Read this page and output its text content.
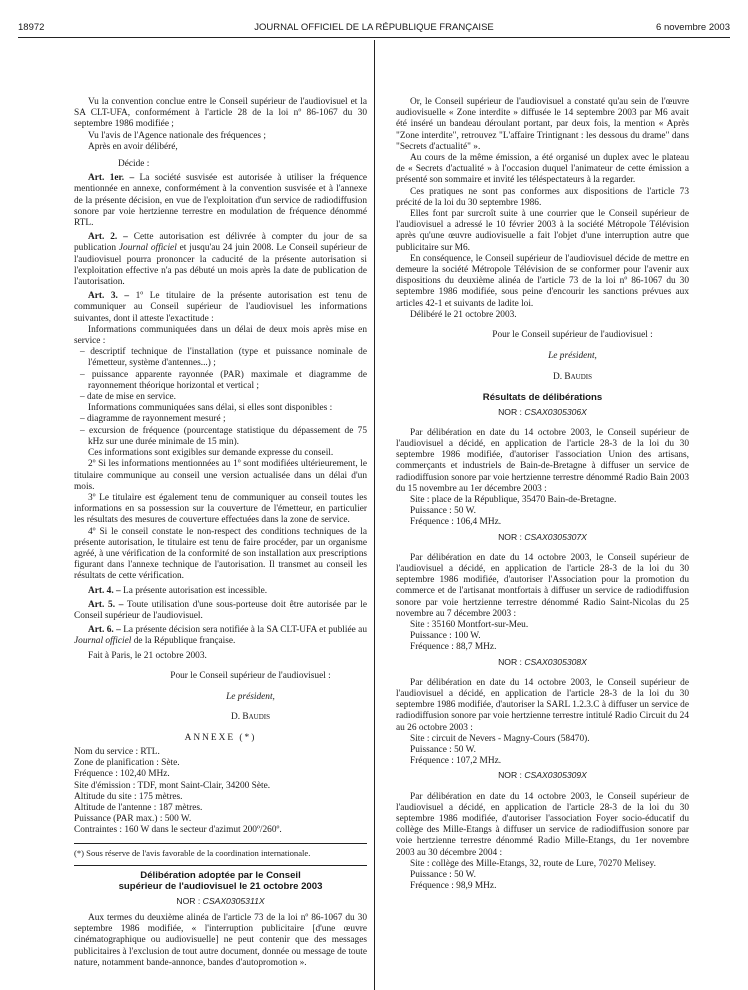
18972	JOURNAL OFFICIEL DE LA RÉPUBLIQUE FRANÇAISE	6 novembre 2003

Vu la convention conclue entre le Conseil supérieur de l'audiovisuel et la SA CLT-UFA, conformément à l'article 28 de la loi nº 86-1067 du 30 septembre 1986 modifiée ;

Vu l'avis de l'Agence nationale des fréquences ;

Après en avoir délibéré,

Décide :

Art. 1er. – La société susvisée est autorisée à utiliser la fréquence mentionnée en annexe, conformément à la convention susvisée et à l'annexe de la présente décision, en vue de l'exploitation d'un service de radiodiffusion sonore par voie hertzienne terrestre en modulation de fréquence dénommé RTL.

Art. 2. – Cette autorisation est délivrée à compter du jour de sa publication Journal officiel et jusqu'au 24 juin 2008. Le Conseil supérieur de l'audiovisuel pourra prononcer la caducité de la présente autorisation si l'exploitation effective n'a pas débuté un mois après la date de publication de l'autorisation.

Art. 3. – 1º Le titulaire de la présente autorisation est tenu de communiquer au Conseil supérieur de l'audiovisuel les informations suivantes, dont il atteste l'exactitude :

Informations communiquées dans un délai de deux mois après mise en service :

– descriptif technique de l'installation (type et puissance nominale de l'émetteur, système d'antennes...) ;

– puissance apparente rayonnée (PAR) maximale et diagramme de rayonnement théorique horizontal et vertical ;

– date de mise en service.

Informations communiquées sans délai, si elles sont disponibles :

– diagramme de rayonnement mesuré ;

– excursion de fréquence (pourcentage statistique du dépassement de 75 kHz sur une durée minimale de 15 min).

Ces informations sont exigibles sur demande expresse du conseil.

2º Si les informations mentionnées au 1º sont modifiées ultérieurement, le titulaire communique au conseil une version actualisée dans un délai d'un mois.

3º Le titulaire est également tenu de communiquer au conseil toutes les informations en sa possession sur la couverture de l'émetteur, en particulier les résultats des mesures de couverture effectuées dans la zone de service.

4º Si le conseil constate le non-respect des conditions techniques de la présente autorisation, le titulaire est tenu de faire procéder, par un organisme agréé, à une vérification de la conformité de son installation aux prescriptions figurant dans l'annexe technique de l'autorisation. Il transmet au conseil les résultats de cette vérification.

Art. 4. – La présente autorisation est incessible.

Art. 5. – Toute utilisation d'une sous-porteuse doit être autorisée par le Conseil supérieur de l'audiovisuel.

Art. 6. – La présente décision sera notifiée à la SA CLT-UFA et publiée au Journal officiel de la République française.

Fait à Paris, le 21 octobre 2003.

Pour le Conseil supérieur de l'audiovisuel :

Le président,

D. Baudis

ANNEXE (*)

Nom du service : RTL.

Zone de planification : Sète.

Fréquence : 102,40 MHz.

Site d'émission : TDF, mont Saint-Clair, 34200 Sète.

Altitude du site : 175 mètres.

Altitude de l'antenne : 187 mètres.

Puissance (PAR max.) : 500 W.

Contraintes : 160 W dans le secteur d'azimut 200º/260º.

(*) Sous réserve de l'avis favorable de la coordination internationale.

Délibération adoptée par le Conseil

supérieur de l'audiovisuel le 21 octobre 2003

NOR : CSAX0305311X

Aux termes du deuxième alinéa de l'article 73 de la loi nº 86-1067 du 30 septembre 1986 modifiée, « l'interruption publicitaire [d'une œuvre cinématographique ou audiovisuelle] ne peut contenir que des messages publicitaires à l'exclusion de tout autre document, donnée ou message de toute nature, notamment bande-annonce, bandes d'autopromotion ».

Or, le Conseil supérieur de l'audiovisuel a constaté qu'au sein de l'œuvre audiovisuelle « Zone interdite » diffusée le 14 septembre 2003 par M6 avait été inséré un bandeau déroulant portant, par deux fois, la mention « Après "Zone interdite", retrouvez "L'affaire Trintignant : les dessous du drame" dans "Secrets d'actualité" ».

Au cours de la même émission, a été organisé un duplex avec le plateau de « Secrets d'actualité » à l'occasion duquel l'animateur de cette émission a présenté son sommaire et invité les téléspectateurs à la regarder.

Ces pratiques ne sont pas conformes aux dispositions de l'article 73 précité de la loi du 30 septembre 1986.

Elles font par surcroît suite à une courrier que le Conseil supérieur de l'audiovisuel a adressé le 10 février 2003 à la société Métropole Télévision après qu'une œuvre audiovisuelle a fait l'objet d'une interruption autre que publicitaire sur M6.

En conséquence, le Conseil supérieur de l'audiovisuel décide de mettre en demeure la société Métropole Télévision de se conformer pour l'avenir aux dispositions du deuxième alinéa de l'article 73 de la loi nº 86-1067 du 30 septembre 1986 modifiée, sous peine d'encourir les sanctions prévues aux articles 42-1 et suivants de ladite loi.

Délibéré le 21 octobre 2003.

Pour le Conseil supérieur de l'audiovisuel :

Le président,

D. Baudis

Résultats de délibérations

NOR : CSAX0305306X

Par délibération en date du 14 octobre 2003, le Conseil supérieur de l'audiovisuel a décidé, en application de l'article 28-3 de la loi du 30 septembre 1986 modifiée, d'autoriser l'association Union des artisans, commerçants et industriels de Bain-de-Bretagne à diffuser un service de radiodiffusion sonore par voie hertzienne terrestre dénommé Radio Bain 2003 du 15 novembre au 1er décembre 2003 :

Site : place de la République, 35470 Bain-de-Bretagne.

Puissance : 50 W.

Fréquence : 106,4 MHz.

NOR : CSAX0305307X

Par délibération en date du 14 octobre 2003, le Conseil supérieur de l'audiovisuel a décidé, en application de l'article 28-3 de la loi du 30 septembre 1986 modifiée, d'autoriser l'Association pour la promotion du commerce et de l'artisanat montfortais à diffuser un service de radiodiffusion sonore par voie hertzienne terrestre dénommé Radio Saint-Nicolas du 25 novembre au 7 décembre 2003 :

Site : 35160 Montfort-sur-Meu.

Puissance : 100 W.

Fréquence : 88,7 MHz.

NOR : CSAX0305308X

Par délibération en date du 14 octobre 2003, le Conseil supérieur de l'audiovisuel a décidé, en application de l'article 28-3 de la loi du 30 septembre 1986 modifiée, d'autoriser la SARL 1.2.3.C à diffuser un service de radiodiffusion sonore par voie hertzienne terrestre intitulé Radio Circuit du 24 au 26 octobre 2003 :

Site : circuit de Nevers - Magny-Cours (58470).

Puissance : 50 W.

Fréquence : 107,2 MHz.

NOR : CSAX0305309X

Par délibération en date du 14 octobre 2003, le Conseil supérieur de l'audiovisuel a décidé, en application de l'article 28-3 de la loi du 30 septembre 1986 modifiée, d'autoriser l'association Foyer socio-éducatif du collège des Mille-Etangs à diffuser un service de radiodiffusion sonore par voie hertzienne terrestre dénommé Radio Mille-Etangs, du 1er novembre 2003 au 30 décembre 2004 :

Site : collège des Mille-Etangs, 32, route de Lure, 70270 Melisey.

Puissance : 50 W.

Fréquence : 98,9 MHz.
